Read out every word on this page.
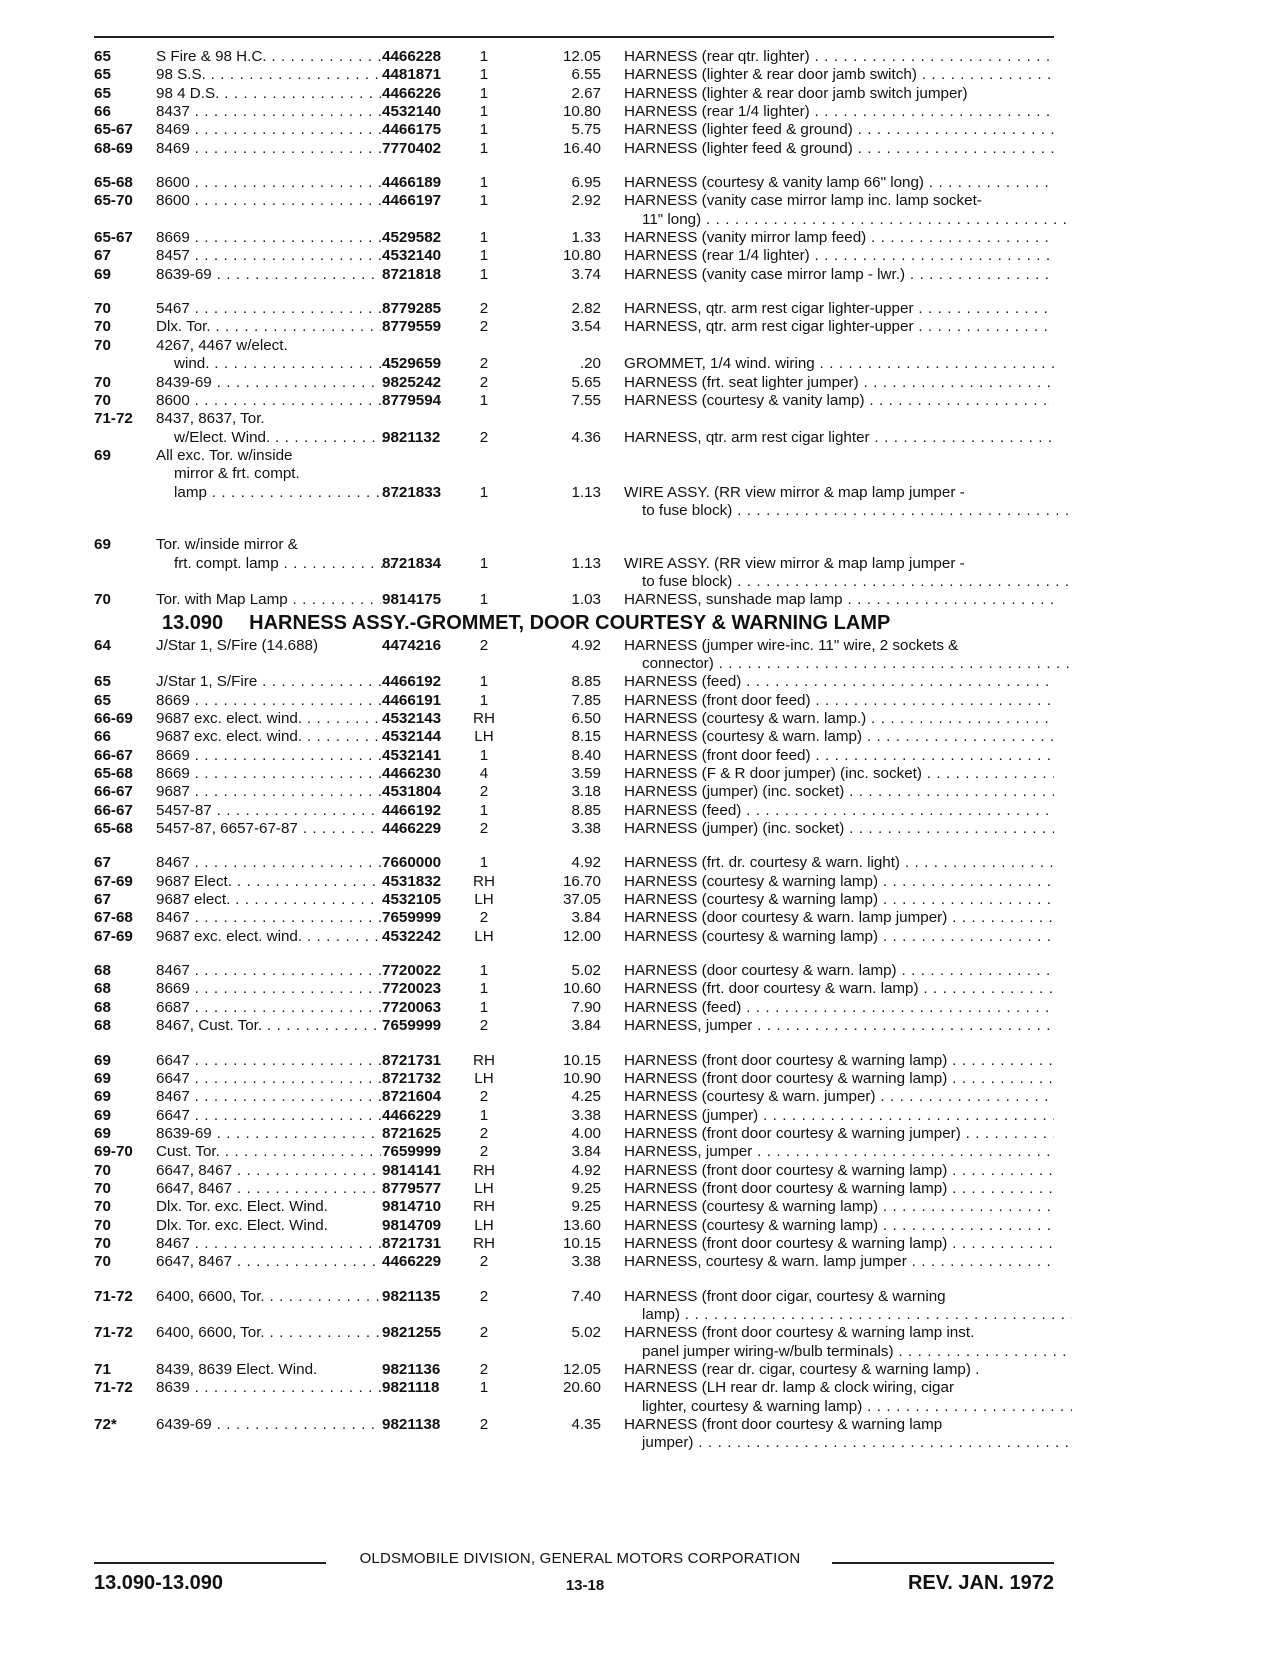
65	S Fire & 98 H.C. . . .	4466228	1	12.05 HARNESS (rear qtr. lighter) . . .
65	98 S.S. . . .	4481871	1	6.55 HARNESS (lighter & rear door jamb switch) . . .
65	98 4 D.S. . . .	4466226	1	2.67 HARNESS (lighter & rear door jamb switch jumper)
66	8437 . . .	4532140	1	10.80 HARNESS (rear 1/4 lighter) . . .
65-67	8469 . . .	4466175	1	5.75 HARNESS (lighter feed & ground) . . .
68-69	8469 . . .	7770402	1	16.40 HARNESS (lighter feed & ground) . . .
65-68	8600 . . .	4466189	1	6.95 HARNESS (courtesy & vanity lamp 66" long) . . .
65-70	8600 . . .	4466197	1	2.92 HARNESS (vanity case mirror lamp inc. lamp socket-
11" long) . . .
65-67	8669 . . .	4529582	1	1.33 HARNESS (vanity mirror lamp feed) . . .
67	8457 . . .	4532140	1	10.80 HARNESS (rear 1/4 lighter) . . .
69	8639-69 . . .	8721818	1	3.74 HARNESS (vanity case mirror lamp - lwr.) . . .
70	5467 . . .	8779285	2	2.82 HARNESS, qtr. arm rest cigar lighter-upper . . .
70	Dlx. Tor. . . .	8779559	2	3.54 HARNESS, qtr. arm rest cigar lighter-upper . . .
70	4267, 4467 w/elect.
wind. . . .	4529659	2	.20 GROMMET, 1/4 wind. wiring . . .
70	8439-69 . . .	9825242	2	5.65 HARNESS (frt. seat lighter jumper) . . .
70	8600 . . .	8779594	1	7.55 HARNESS (courtesy & vanity lamp) . . .
71-72	8437, 8637, Tor.
w/Elect. Wind. . . .	9821132	2	4.36 HARNESS, qtr. arm rest cigar lighter . . .
69	All exc. Tor. w/inside
mirror & frt. compt.
lamp . . .	8721833	1	1.13 WIRE ASSY. (RR view mirror & map lamp jumper -
to fuse block) . . .
69	Tor. w/inside mirror &
frt. compt. lamp . . .	8721834	1	1.13 WIRE ASSY. (RR view mirror & map lamp jumper -
to fuse block) . . .
70	Tor. with Map Lamp . . .	9814175	1	1.03 HARNESS, sunshade map lamp . . .
13.090 HARNESS ASSY.-GROMMET, DOOR COURTESY & WARNING LAMP
64	J/Star 1, S/Fire (14.688)	4474216	2	4.92 HARNESS (jumper wire-inc. 11" wire, 2 sockets &
connector) . . .
65	J/Star 1, S/Fire . . .	4466192	1	8.85 HARNESS (feed) . . .
65	8669 . . .	4466191	1	7.85 HARNESS (front door feed) . . .
66-69	9687 exc. elect. wind. . . .	4532143	RH	6.50 HARNESS (courtesy & warn. lamp.) . . .
66	9687 exc. elect. wind. . . .	4532144	LH	8.15 HARNESS (courtesy & warn. lamp) . . .
66-67	8669 . . .	4532141	1	8.40 HARNESS (front door feed) . . .
65-68	8669 . . .	4466230	4	3.59 HARNESS (F & R door jumper) (inc. socket) . . .
66-67	9687 . . .	4531804	2	3.18 HARNESS (jumper) (inc. socket) . . .
66-67	5457-87 . . .	4466192	1	8.85 HARNESS (feed) . . .
65-68	5457-87, 6657-67-87 . . .	4466229	2	3.38 HARNESS (jumper) (inc. socket) . . .
67	8467 . . .	7660000	1	4.92 HARNESS (frt. dr. courtesy & warn. light) . . .
67-69	9687 Elect. . . .	4531832	RH	16.70 HARNESS (courtesy & warning lamp) . . .
67	9687 elect. . . .	4532105	LH	37.05 HARNESS (courtesy & warning lamp) . . .
67-68	8467 . . .	7659999	2	3.84 HARNESS (door courtesy & warn. lamp jumper) . . .
67-69	9687 exc. elect. wind. . . .	4532242	LH	12.00 HARNESS (courtesy & warning lamp) . . .
68	8467 . . .	7720022	1	5.02 HARNESS (door courtesy & warn. lamp) . . .
68	8669 . . .	7720023	1	10.60 HARNESS (frt. door courtesy & warn. lamp) . . .
68	6687 . . .	7720063	1	7.90 HARNESS (feed) . . .
68	8467, Cust. Tor. . . .	7659999	2	3.84 HARNESS, jumper . . .
69	6647 . . .	8721731	RH	10.15 HARNESS (front door courtesy & warning lamp) . . .
69	6647 . . .	8721732	LH	10.90 HARNESS (front door courtesy & warning lamp) . . .
69	8467 . . .	8721604	2	4.25 HARNESS (courtesy & warn. jumper) . . .
69	6647 . . .	4466229	1	3.38 HARNESS (jumper) . . .
69	8639-69 . . .	8721625	2	4.00 HARNESS (front door courtesy & warning jumper) . . .
69-70	Cust. Tor. . . .	7659999	2	3.84 HARNESS, jumper . . .
70	6647, 8467 . . .	9814141	RH	4.92 HARNESS (front door courtesy & warning lamp) . . .
70	6647, 8467 . . .	8779577	LH	9.25 HARNESS (front door courtesy & warning lamp) . . .
70	Dlx. Tor. exc. Elect. Wind.	9814710	RH	9.25 HARNESS (courtesy & warning lamp) . . .
70	Dlx. Tor. exc. Elect. Wind.	9814709	LH	13.60 HARNESS (courtesy & warning lamp) . . .
70	8467 . . .	8721731	RH	10.15 HARNESS (front door courtesy & warning lamp) . . .
70	6647, 8467 . . .	4466229	2	3.38 HARNESS, courtesy & warn. lamp jumper . . .
71-72	6400, 6600, Tor. . . .	9821135	2	7.40 HARNESS (front door cigar, courtesy & warning
lamp) . . .
71-72	6400, 6600, Tor. . . .	9821255	2	5.02 HARNESS (front door courtesy & warning lamp inst.
panel jumper wiring-w/bulb terminals) . . .
71	8439, 8639 Elect. Wind.	9821136	2	12.05 HARNESS (rear dr. cigar, courtesy & warning lamp) .
71-72	8639 . . .	9821118	1	20.60 HARNESS (LH rear dr. lamp & clock wiring, cigar
lighter, courtesy & warning lamp) . . .
72*	6439-69 . . .	9821138	2	4.35 HARNESS (front door courtesy & warning lamp
jumper) . . .
OLDSMOBILE DIVISION, GENERAL MOTORS CORPORATION
13.090-13.090	13-18	REV. JAN. 1972
